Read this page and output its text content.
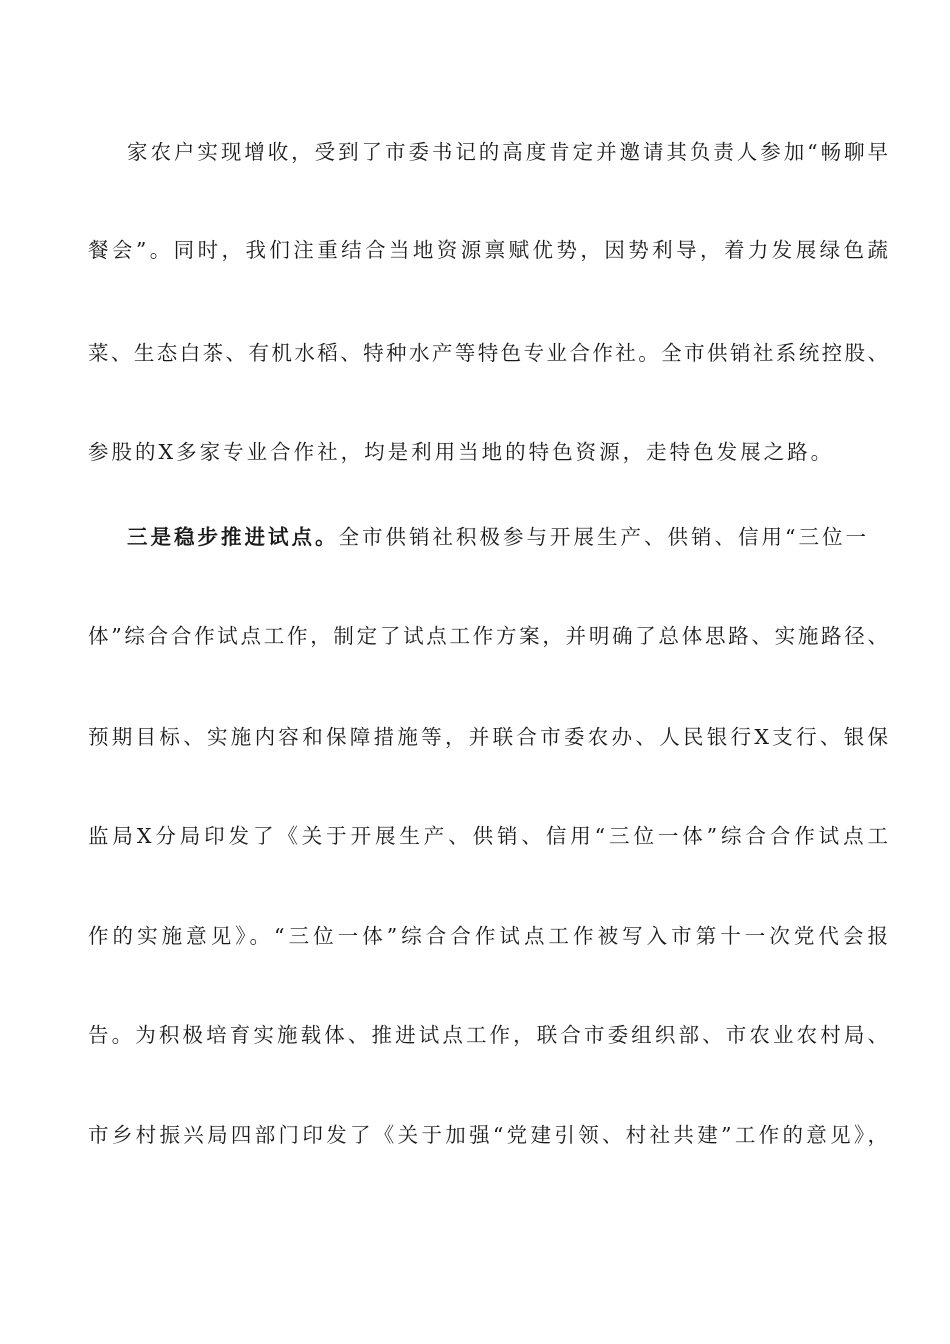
家农户实现增收，受到了市委书记的高度肯定并邀请其负责人参加“畅聊早
餐会”。同时，我们注重结合当地资源禀赋优势，因势利导，着力发展绿色蔬
菜、生态白茶、有机水稻、特种水产等特色专业合作社。全市供销社系统控股、
参股的X多家专业合作社，均是利用当地的特色资源，走特色发展之路。
三是稳步推进试点。全市供销社积极参与开展生产、供销、信用“三位一
体”综合合作试点工作，制定了试点工作方案，并明确了总体思路、实施路径、
预期目标、实施内容和保障措施等，并联合市委农办、人民银行X支行、银保
监局X分局印发了《关于开展生产、供销、信用“三位一体”综合合作试点工
作的实施意见》。“三位一体”综合合作试点工作被写入市第十一次党代会报
告。为积极培育实施载体、推进试点工作，联合市委组织部、市农业农村局、
市乡村振兴局四部门印发了《关于加强“党建引领、村社共建”工作的意见》，
